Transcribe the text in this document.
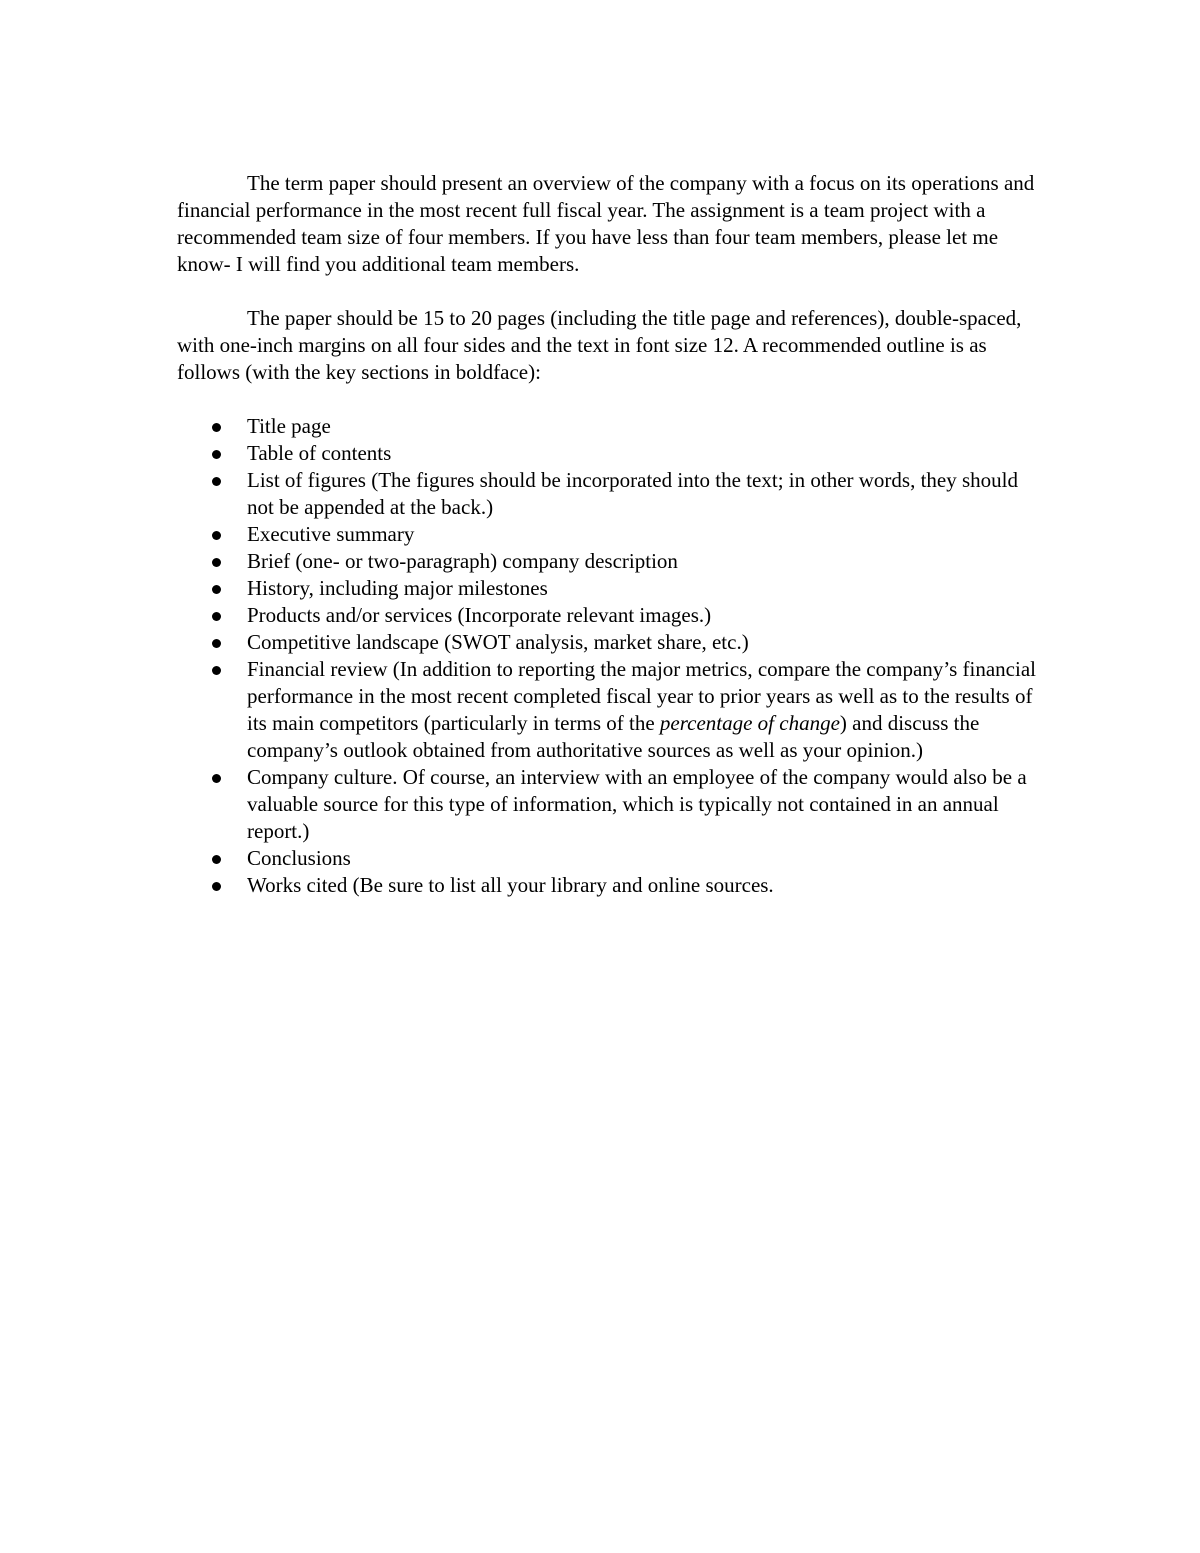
The term paper should present an overview of the company with a focus on its operations and financial performance in the most recent full fiscal year. The assignment is a team project with a recommended team size of four members. If you have less than four team members, please let me know- I will find you additional team members.

The paper should be 15 to 20 pages (including the title page and references), double-spaced, with one-inch margins on all four sides and the text in font size 12. A recommended outline is as follows (with the key sections in boldface):

Title page
Table of contents
List of figures (The figures should be incorporated into the text; in other words, they should not be appended at the back.)
Executive summary
Brief (one- or two-paragraph) company description
History, including major milestones
Products and/or services (Incorporate relevant images.)
Competitive landscape (SWOT analysis, market share, etc.)
Financial review (In addition to reporting the major metrics, compare the company’s financial performance in the most recent completed fiscal year to prior years as well as to the results of its main competitors (particularly in terms of the percentage of change) and discuss the company’s outlook obtained from authoritative sources as well as your opinion.)
Company culture. Of course, an interview with an employee of the company would also be a valuable source for this type of information, which is typically not contained in an annual report.)
Conclusions
Works cited (Be sure to list all your library and online sources.
